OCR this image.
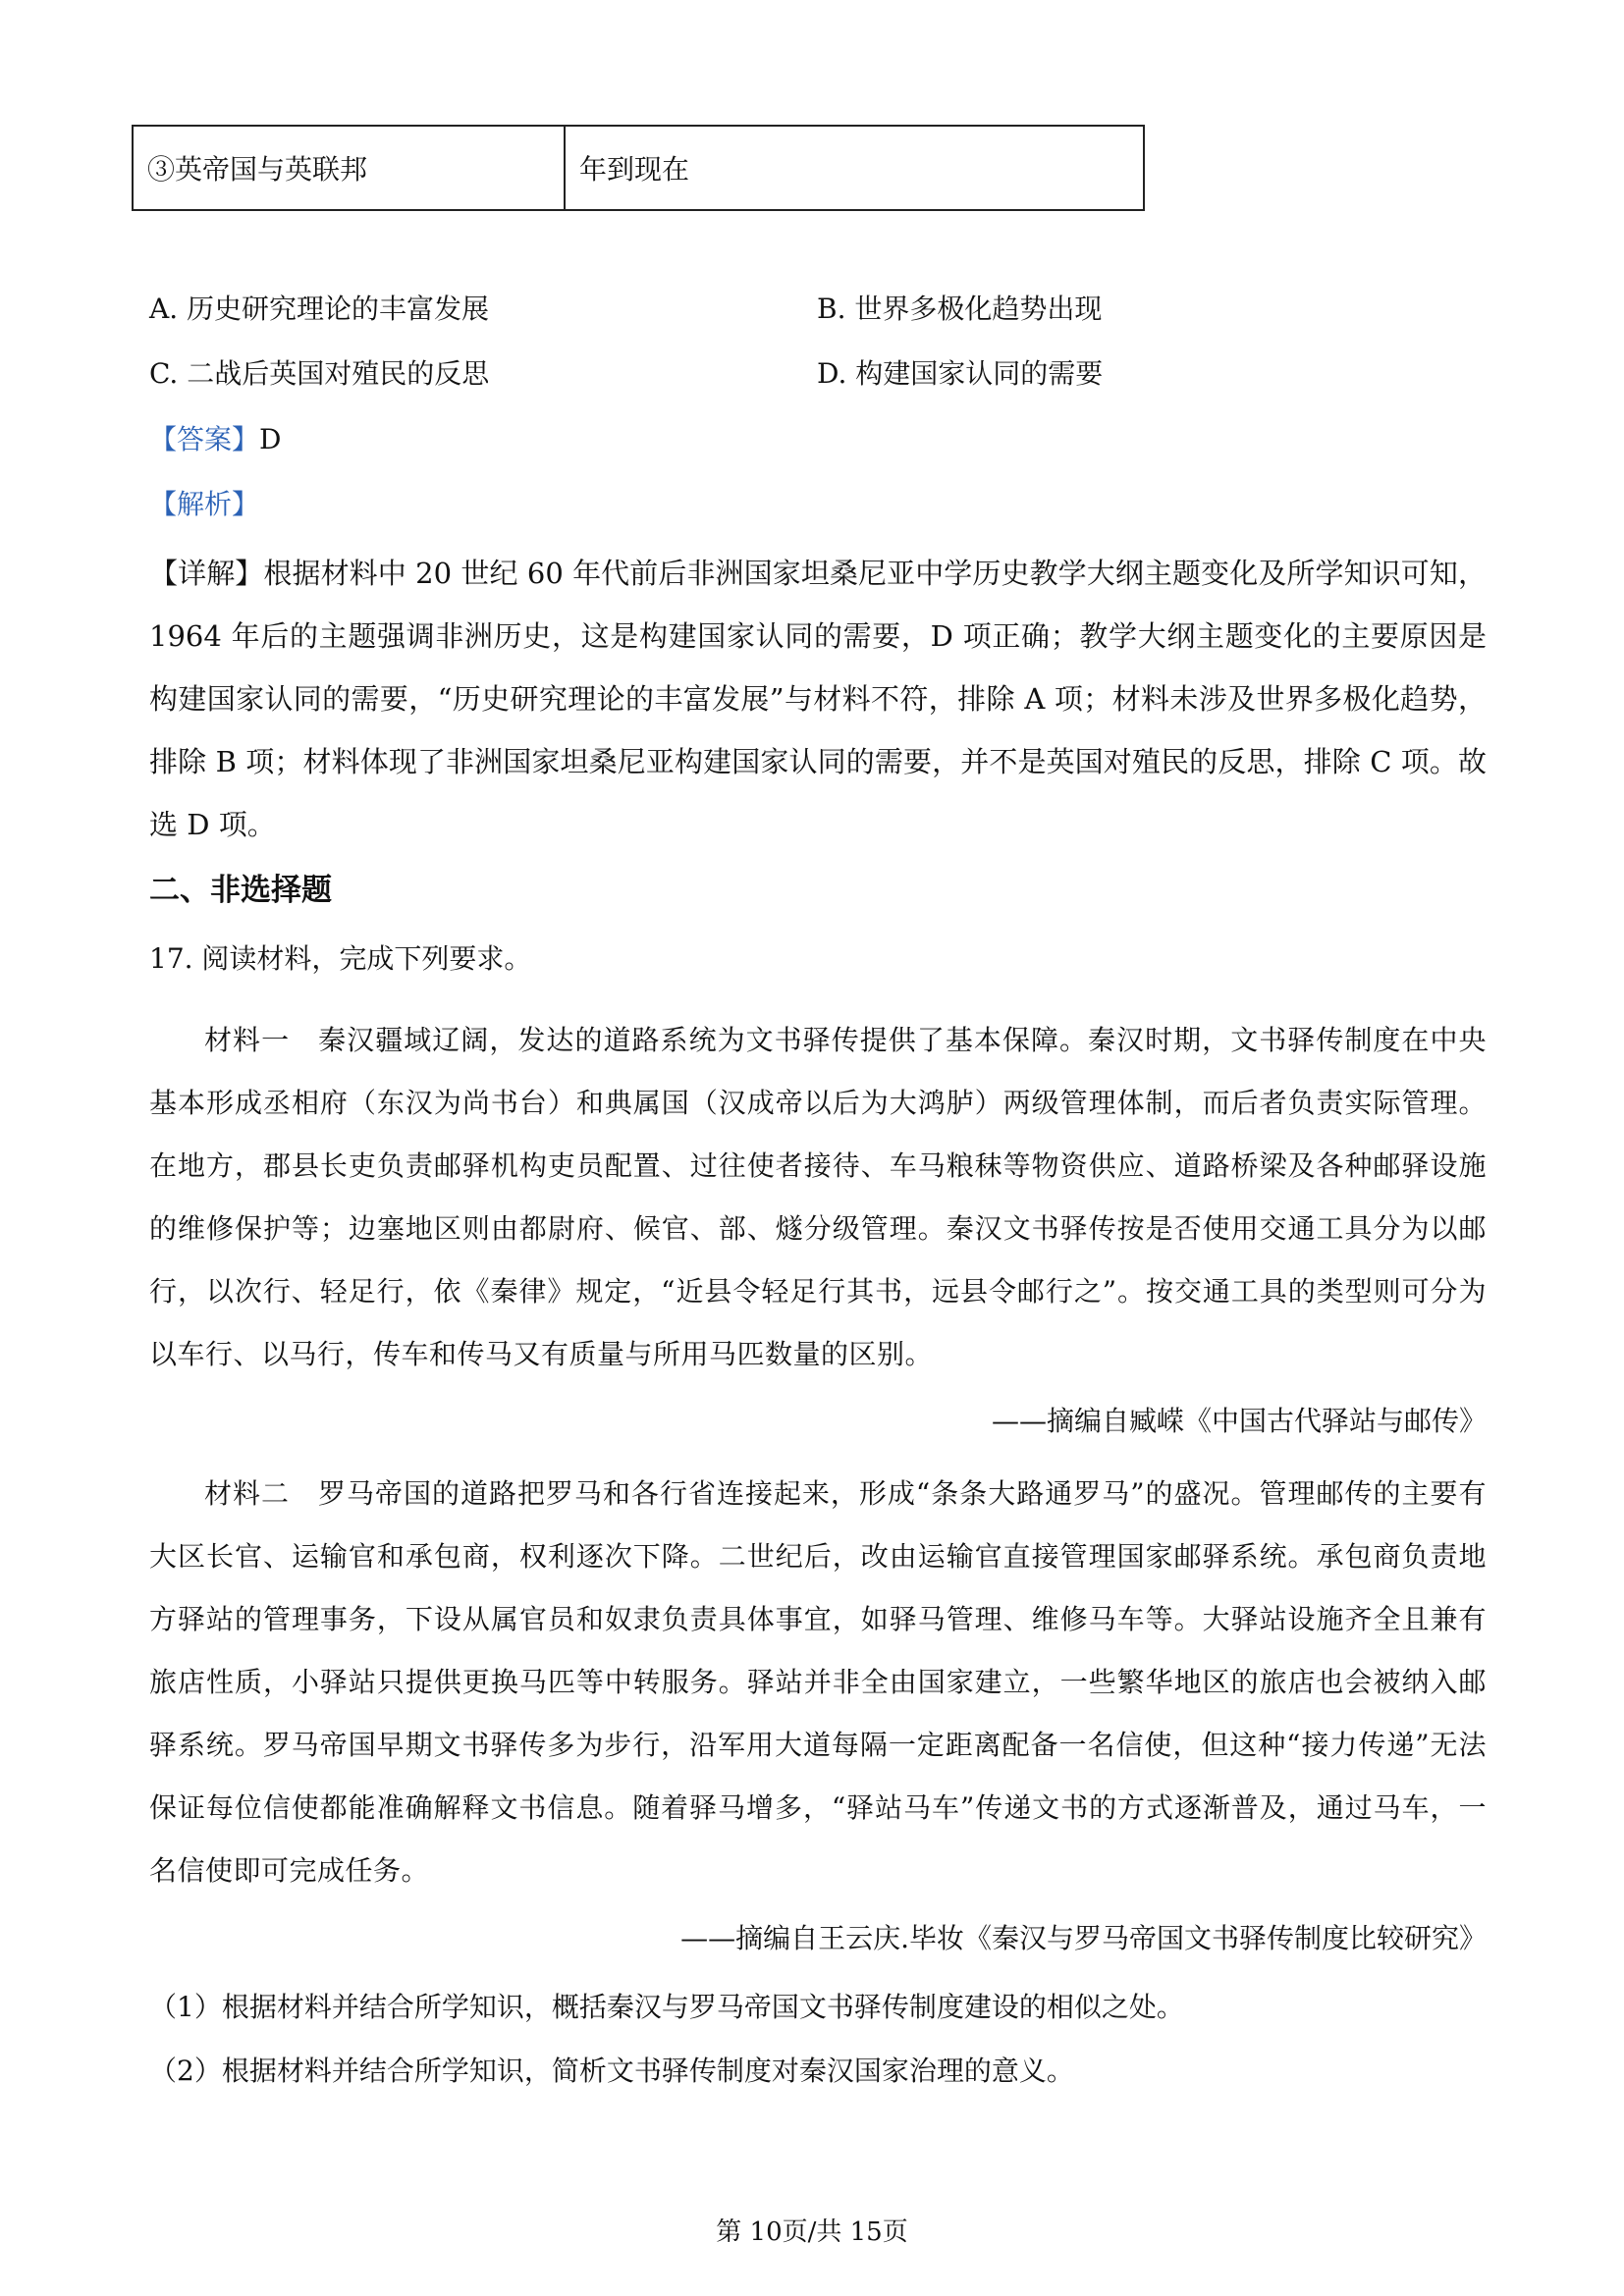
③英帝国与英联邦	年到现在
A. 历史研究理论的丰富发展	B. 世界多极化趋势出现
C. 二战后英国对殖民的反思	D. 构建国家认同的需要
【答案】D
【解析】
【详解】根据材料中 20 世纪 60 年代前后非洲国家坦桑尼亚中学历史教学大纲主题变化及所学知识可知，1964 年后的主题强调非洲历史，这是构建国家认同的需要，D 项正确；教学大纲主题变化的主要原因是构建国家认同的需要，“历史研究理论的丰富发展”与材料不符，排除 A 项；材料未涉及世界多极化趋势，排除 B 项；材料体现了非洲国家坦桑尼亚构建国家认同的需要，并不是英国对殖民的反思，排除 C 项。故选 D 项。
二、非选择题
17. 阅读材料，完成下列要求。
材料一　秦汉疆域辽阔，发达的道路系统为文书驿传提供了基本保障。秦汉时期，文书驿传制度在中央基本形成丞相府（东汉为尚书台）和典属国（汉成帝以后为大鸿胪）两级管理体制，而后者负责实际管理。在地方，郡县长吏负责邮驿机构吏员配置、过往使者接待、车马粮秣等物资供应、道路桥梁及各种邮驿设施的维修保护等；边塞地区则由都尉府、候官、部、燧分级管理。秦汉文书驿传按是否使用交通工具分为以邮行，以次行、轻足行，依《秦律》规定，“近县令轻足行其书，远县令邮行之”。按交通工具的类型则可分为以车行、以马行，传车和传马又有质量与所用马匹数量的区别。
——摘编自臧嵘《中国古代驿站与邮传》
材料二　罗马帝国的道路把罗马和各行省连接起来，形成“条条大路通罗马”的盛况。管理邮传的主要有大区长官、运输官和承包商，权利逐次下降。二世纪后，改由运输官直接管理国家邮驿系统。承包商负责地方驿站的管理事务，下设从属官员和奴隶负责具体事宜，如驿马管理、维修马车等。大驿站设施齐全且兼有旅店性质，小驿站只提供更换马匹等中转服务。驿站并非全由国家建立，一些繁华地区的旅店也会被纳入邮驿系统。罗马帝国早期文书驿传多为步行，沿军用大道每隔一定距离配备一名信使，但这种“接力传递”无法保证每位信使都能准确解释文书信息。随着驿马增多，“驿站马车”传递文书的方式逐渐普及，通过马车，一名信使即可完成任务。
——摘编自王云庆.毕妆《秦汉与罗马帝国文书驿传制度比较研究》
（1）根据材料并结合所学知识，概括秦汉与罗马帝国文书驿传制度建设的相似之处。
（2）根据材料并结合所学知识，简析文书驿传制度对秦汉国家治理的意义。
第 10页/共 15页
